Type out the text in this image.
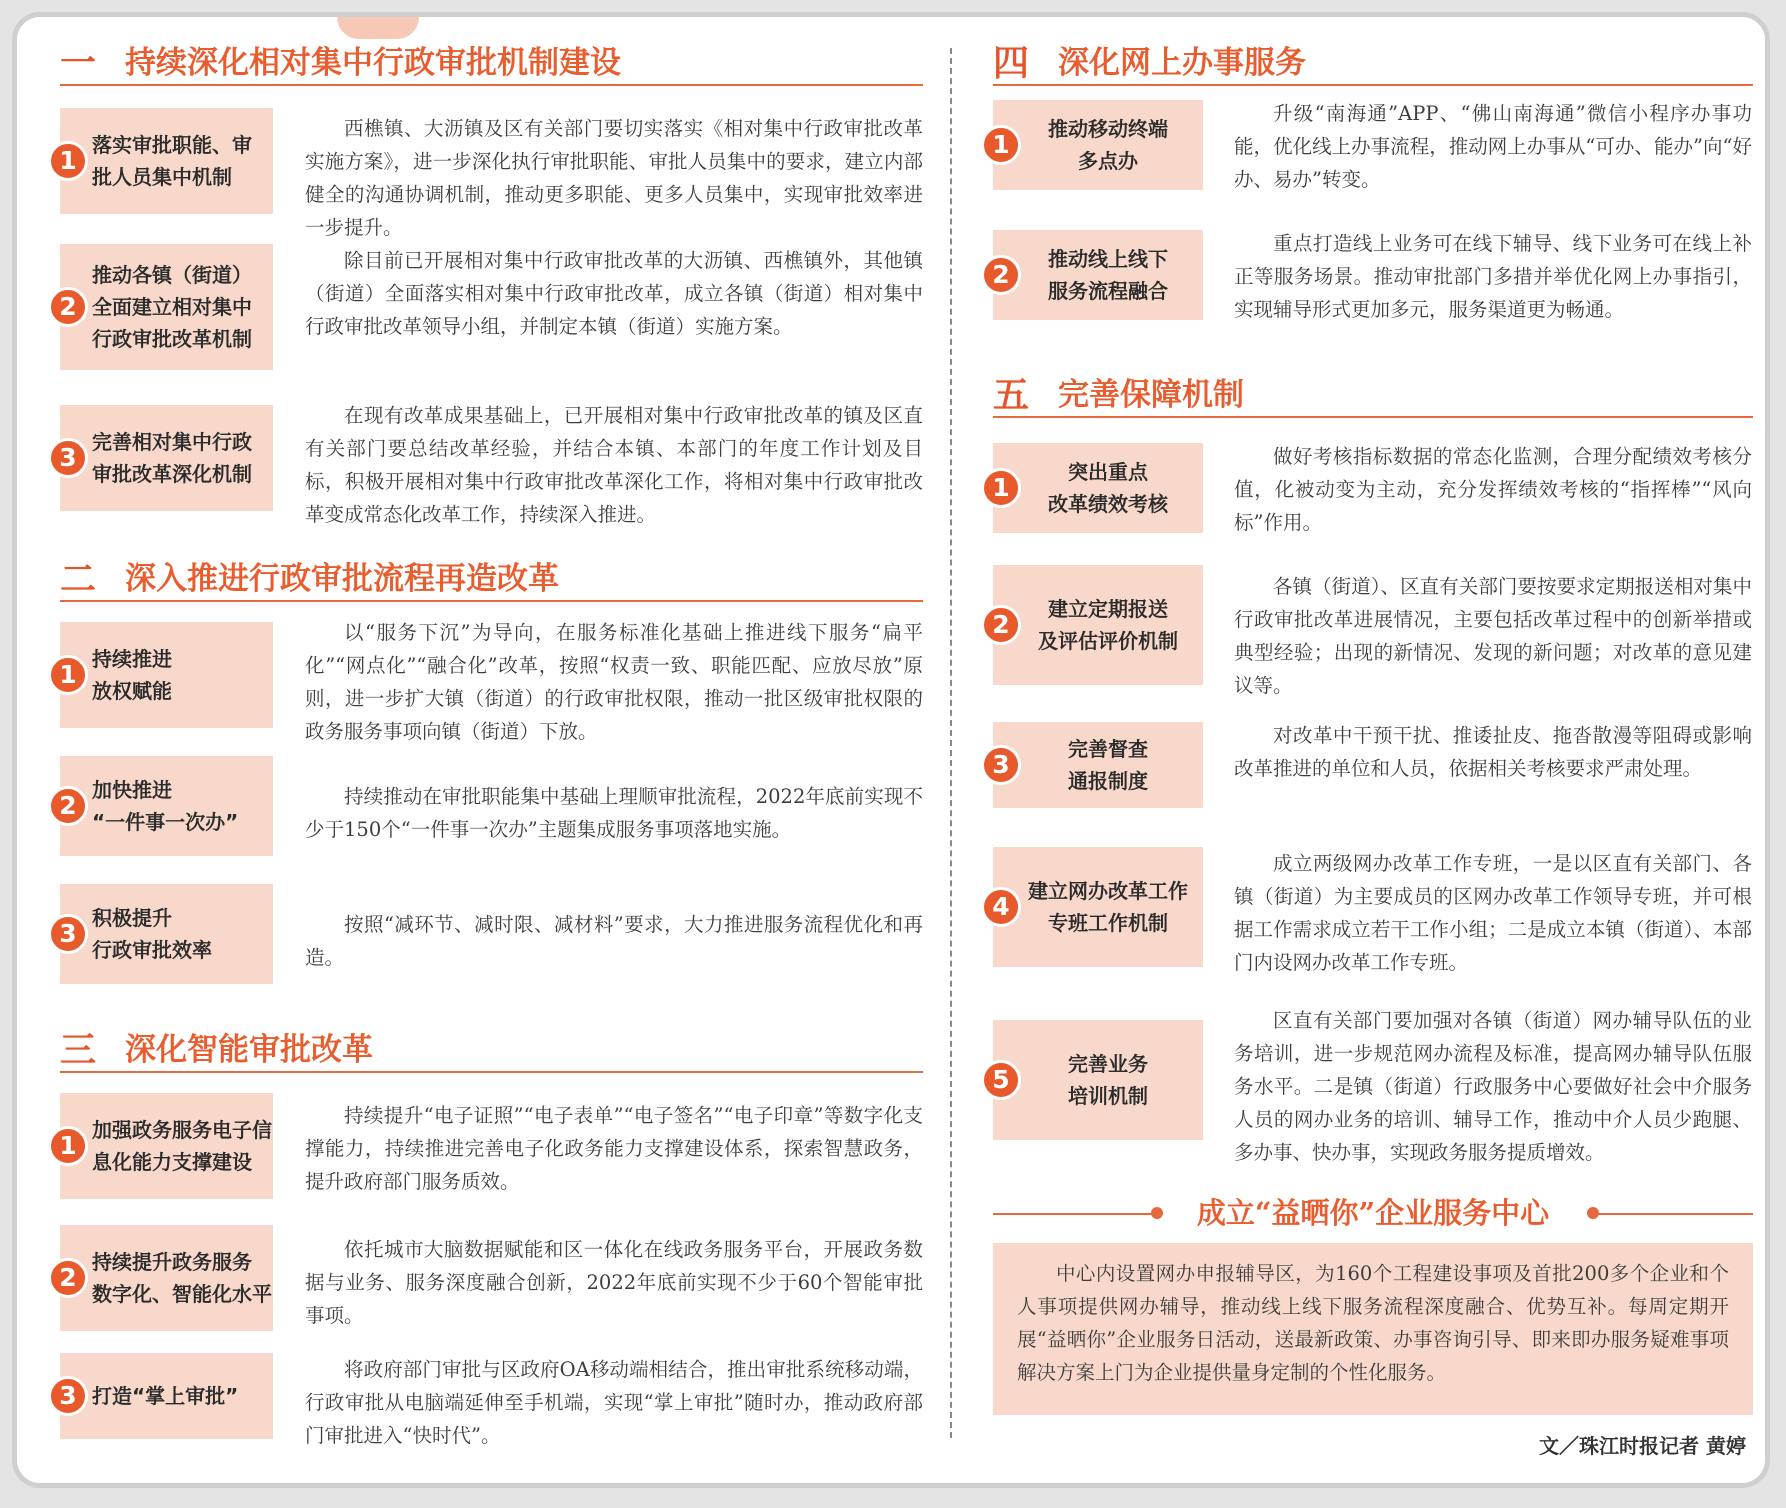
一 持续深化相对集中行政审批机制建设
落实审批职能、审
批人员集中机制
1
西樵镇、大沥镇及区有关部门要切实落实《相对集中行政审批改革实施方案》，进一步深化执行审批职能、审批人员集中的要求，建立内部健全的沟通协调机制，推动更多职能、更多人员集中，实现审批效率进一步提升。
推动各镇（街道）
全面建立相对集中
行政审批改革机制
2
除目前已开展相对集中行政审批改革的大沥镇、西樵镇外，其他镇（街道）全面落实相对集中行政审批改革，成立各镇（街道）相对集中行政审批改革领导小组，并制定本镇（街道）实施方案。
完善相对集中行政
审批改革深化机制
3
在现有改革成果基础上，已开展相对集中行政审批改革的镇及区直有关部门要总结改革经验，并结合本镇、本部门的年度工作计划及目标，积极开展相对集中行政审批改革深化工作，将相对集中行政审批改革变成常态化改革工作，持续深入推进。
二 深入推进行政审批流程再造改革
持续推进
放权赋能
1
以“服务下沉”为导向，在服务标准化基础上推进线下服务“扁平化”“网点化”“融合化”改革，按照“权责一致、职能匹配、应放尽放”原则，进一步扩大镇（街道）的行政审批权限，推动一批区级审批权限的政务服务事项向镇（街道）下放。
加快推进
“一件事一次办”
2	持续推动在审批职能集中基础上理顺审批流程，2022年底前实现不少于150个“一件事一次办”主题集成服务事项落地实施。
积极提升
行政审批效率
3	按照“减环节、减时限、减材料”要求，大力推进服务流程优化和再造。
三 深化智能审批改革
加强政务服务电子信
息化能力支撑建设
1
持续提升“电子证照”“电子表单”“电子签名”“电子印章”等数字化支撑能力，持续推进完善电子化政务能力支撑建设体系，探索智慧政务，提升政府部门服务质效。
持续提升政务服务
数字化、智能化水平
2
依托城市大脑数据赋能和区一体化在线政务服务平台，开展政务数据与业务、服务深度融合创新，2022年底前实现不少于60个智能审批事项。
打造“掌上审批”
3
将政府部门审批与区政府OA移动端相结合，推出审批系统移动端，行政审批从电脑端延伸至手机端，实现“掌上审批”随时办，推动政府部门审批进入“快时代”。
四 深化网上办事服务
推动移动终端
多点办
1
升级“南海通”APP、“佛山南海通”微信小程序办事功能，优化线上办事流程，推动网上办事从“可办、能办”向“好办、易办”转变。
推动线上线下
服务流程融合
2
重点打造线上业务可在线下辅导、线下业务可在线上补正等服务场景。推动审批部门多措并举优化网上办事指引，实现辅导形式更加多元，服务渠道更为畅通。
五 完善保障机制
突出重点
改革绩效考核
1
做好考核指标数据的常态化监测，合理分配绩效考核分值，化被动变为主动，充分发挥绩效考核的“指挥棒”“风向标”作用。
建立定期报送
及评估评价机制
2
各镇（街道）、区直有关部门要按要求定期报送相对集中行政审批改革进展情况，主要包括改革过程中的创新举措或典型经验；出现的新情况、发现的新问题；对改革的意见建议等。
完善督查
通报制度
3
对改革中干预干扰、推诿扯皮、拖沓散漫等阻碍或影响改革推进的单位和人员，依据相关考核要求严肃处理。
建立网办改革工作
专班工作机制
4
成立两级网办改革工作专班，一是以区直有关部门、各镇（街道）为主要成员的区网办改革工作领导专班，并可根据工作需求成立若干工作小组；二是成立本镇（街道）、本部门内设网办改革工作专班。
完善业务
培训机制
5
区直有关部门要加强对各镇（街道）网办辅导队伍的业务培训，进一步规范网办流程及标准，提高网办辅导队伍服务水平。二是镇（街道）行政服务中心要做好社会中介服务人员的网办业务的培训、辅导工作，推动中介人员少跑腿、多办事、快办事，实现政务服务提质增效。
成立“益晒你”企业服务中心
中心内设置网办申报辅导区，为160个工程建设事项及首批200多个企业和个人事项提供网办辅导，推动线上线下服务流程深度融合、优势互补。每周定期开展“益晒你”企业服务日活动，送最新政策、办事咨询引导、即来即办服务疑难事项解决方案上门为企业提供量身定制的个性化服务。
文／珠江时报记者 黄婷
